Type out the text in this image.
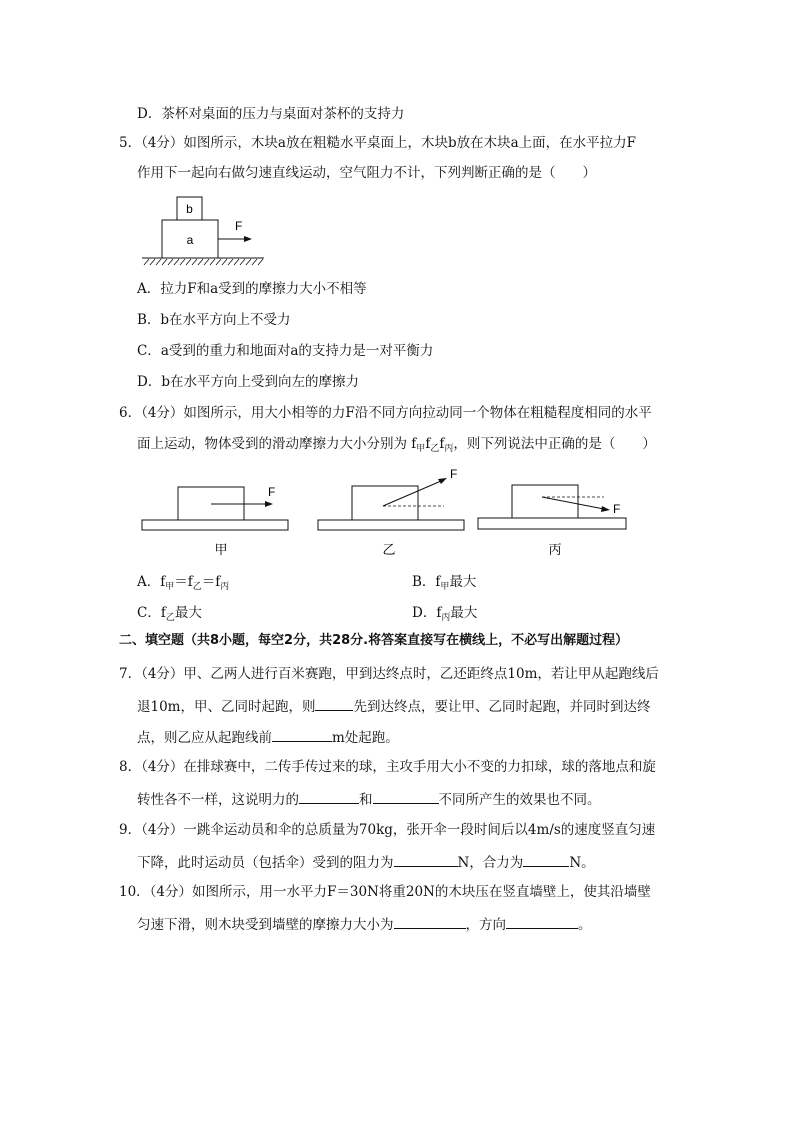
D．茶杯对桌面的压力与桌面对茶杯的支持力
5．（4分）如图所示，木块a放在粗糙水平桌面上，木块b放在木块a上面，在水平拉力F
作用下一起向右做匀速直线运动，空气阻力不计，下列判断正确的是（　　）
b
a
F
A．拉力F和a受到的摩擦力大小不相等
B．b在水平方向上不受力
C．a受到的重力和地面对a的支持力是一对平衡力
D．b在水平方向上受到向左的摩擦力
6．（4分）如图所示，用大小相等的力F沿不同方向拉动同一个物体在粗糙程度相同的水平
面上运动，物体受到的滑动摩擦力大小分别为 $f_甲f_乙f_丙$，则下列说法中正确的是（　　）
F
甲
F
乙
F
丙
A．$f_甲=f_乙=f_丙$	B．$f_甲$最大
C．$f_乙$最大	D．$f_丙$最大
二、填空题（共8小题，每空2分，共28分.将答案直接写在横线上，不必写出解题过程）
7．（4分）甲、乙两人进行百米赛跑，甲到达终点时，乙还距终点10m，若让甲从起跑线后
退10m，甲、乙同时起跑，则	先到达终点，要让甲、乙同时起跑，并同时到达终
点，则乙应从起跑线前	m处起跑。
8．（4分）在排球赛中，二传手传过来的球，主攻手用大小不变的力扣球，球的落地点和旋
转性各不一样，这说明力的	和	不同所产生的效果也不同。
9．（4分）一跳伞运动员和伞的总质量为70kg，张开伞一段时间后以4m/s的速度竖直匀速
下降，此时运动员（包括伞）受到的阻力为	N，合力为	N。
10．（4分）如图所示，用一水平力F＝30N将重20N的木块压在竖直墙壁上，使其沿墙壁
匀速下滑，则木块受到墙壁的摩擦力大小为	，方向	。
